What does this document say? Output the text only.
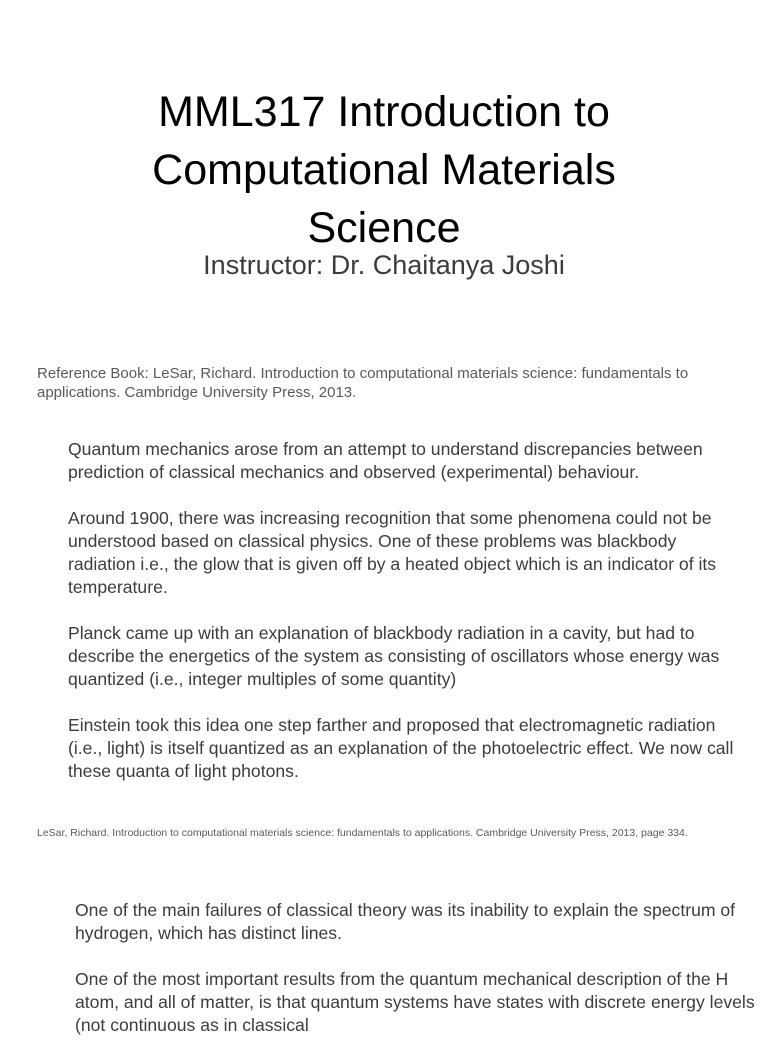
MML317 Introduction to
Computational Materials
Science
Instructor: Dr. Chaitanya Joshi
Reference Book: LeSar, Richard. Introduction to computational materials science: fundamentals to applications. Cambridge University Press, 2013.

Quantum mechanics arose from an attempt to understand discrepancies between prediction of classical mechanics and observed (experimental) behaviour.

Around 1900, there was increasing recognition that some phenomena could not be understood based on classical physics. One of these problems was blackbody radiation i.e., the glow that is given off by a heated object which is an indicator of its temperature.

Planck came up with an explanation of blackbody radiation in a cavity, but had to describe the energetics of the system as consisting of oscillators whose energy was quantized (i.e., integer multiples of some quantity)

Einstein took this idea one step farther and proposed that electromagnetic radiation (i.e., light) is itself quantized as an explanation of the photoelectric effect. We now call these quanta of light photons.

LeSar, Richard. Introduction to computational materials science: fundamentals to applications. Cambridge University Press, 2013, page 334.

One of the main failures of classical theory was its inability to explain the spectrum of hydrogen, which has distinct lines.

One of the most important results from the quantum mechanical description of the H atom, and all of matter, is that quantum systems have states with discrete energy levels (not continuous as in classical
